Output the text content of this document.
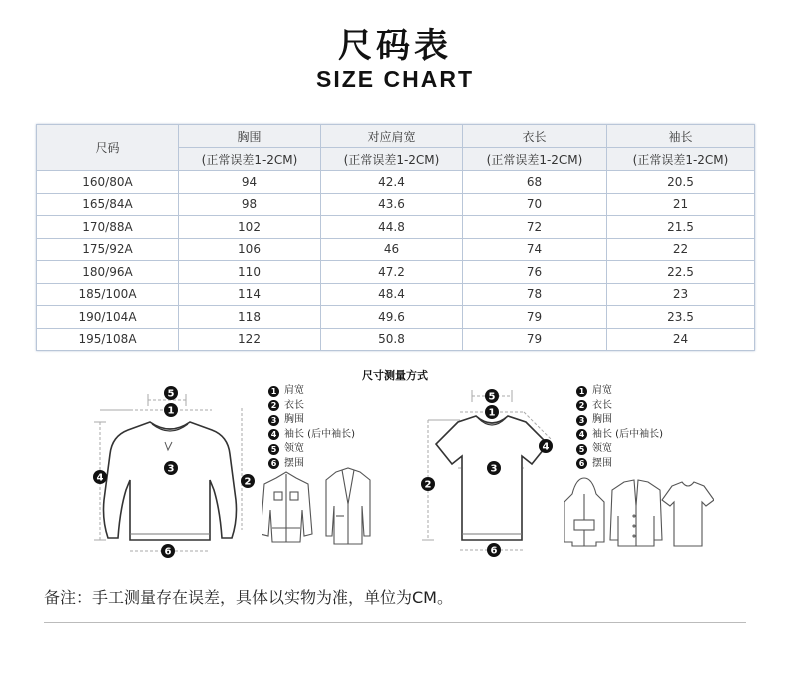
尺码表
SIZE CHART
尺码	胸围	对应肩宽	衣长	袖长
	(正常误差1-2CM)	(正常误差1-2CM)	(正常误差1-2CM)	(正常误差1-2CM)
160/80A	94	42.4	68	20.5
165/84A	98	43.6	70	21
170/88A	102	44.8	72	21.5
175/92A	106	46	74	22
180/96A	110	47.2	76	22.5
185/100A	114	48.4	78	23
190/104A	118	49.6	79	23.5
195/108A	122	50.8	79	24
尺寸测量方式
5
1
3
4	2
6
1 肩宽
2 衣长
3 胸围
4 袖长 (后中袖长)
5 领宽
6 摆围
5
1
4
3
2
6
1 肩宽
2 衣长
3 胸围
4 袖长 (后中袖长)
5 领宽
6 摆围
备注：手工测量存在误差，具体以实物为准，单位为CM。
